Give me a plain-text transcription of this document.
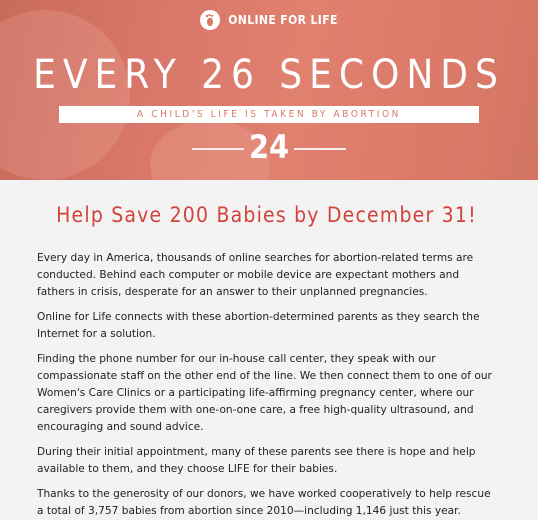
ONLINE FOR LIFE
EVERY 26 SECONDS
A CHILD'S LIFE IS TAKEN BY ABORTION
24
Help Save 200 Babies by December 31!

Every day in America, thousands of online searches for abortion-related terms are conducted. Behind each computer or mobile device are expectant mothers and fathers in crisis, desperate for an answer to their unplanned pregnancies.

Online for Life connects with these abortion-determined parents as they search the Internet for a solution.

Finding the phone number for our in-house call center, they speak with our compassionate staff on the other end of the line. We then connect them to one of our Women's Care Clinics or a participating life-affirming pregnancy center, where our caregivers provide them with one-on-one care, a free high-quality ultrasound, and encouraging and sound advice.

During their initial appointment, many of these parents see there is hope and help available to them, and they choose LIFE for their babies.

Thanks to the generosity of our donors, we have worked cooperatively to help rescue a total of 3,757 babies from abortion since 2010—including 1,146 just this year.
